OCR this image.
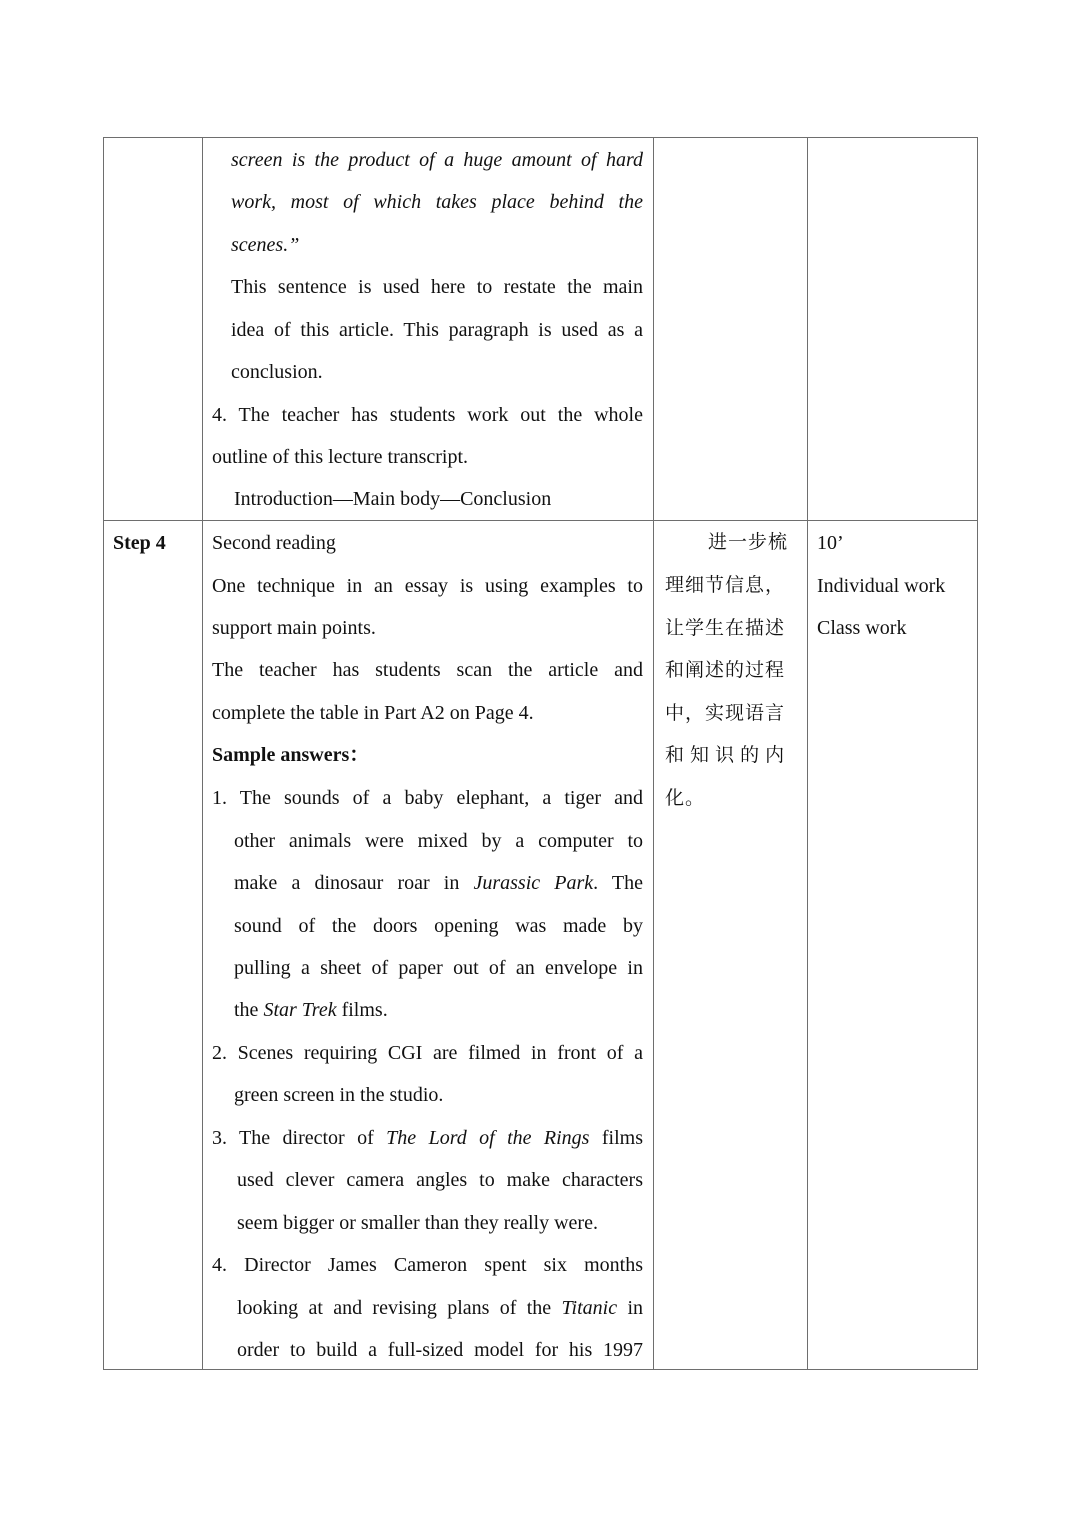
screen is the product of a huge amount of hard
work, most of which takes place behind the
scenes.”
This sentence is used here to restate the main
idea of this article. This paragraph is used as a
conclusion.
4. The teacher has students work out the whole
outline of this lecture transcript.
Introduction—Main body—Conclusion
Step 4 Second reading
One technique in an essay is using examples to
support main points.
The teacher has students scan the article and
complete the table in Part A2 on Page 4.
Sample answers：
1. The sounds of a baby elephant, a tiger and
other animals were mixed by a computer to
make a dinosaur roar in Jurassic Park. The
sound of the doors opening was made by
pulling a sheet of paper out of an envelope in
the Star Trek films.
2. Scenes requiring CGI are filmed in front of a
green screen in the studio.
3. The director of The Lord of the Rings films
used clever camera angles to make characters
seem bigger or smaller than they really were.
4. Director James Cameron spent six months
looking at and revising plans of the Titanic in
order to build a full-sized model for his 1997
进一步梳
理细节信息，
让学生在描述
和阐述的过程
中，实现语言
和 知 识 的 内
化。
10’
Individual work
Class work
